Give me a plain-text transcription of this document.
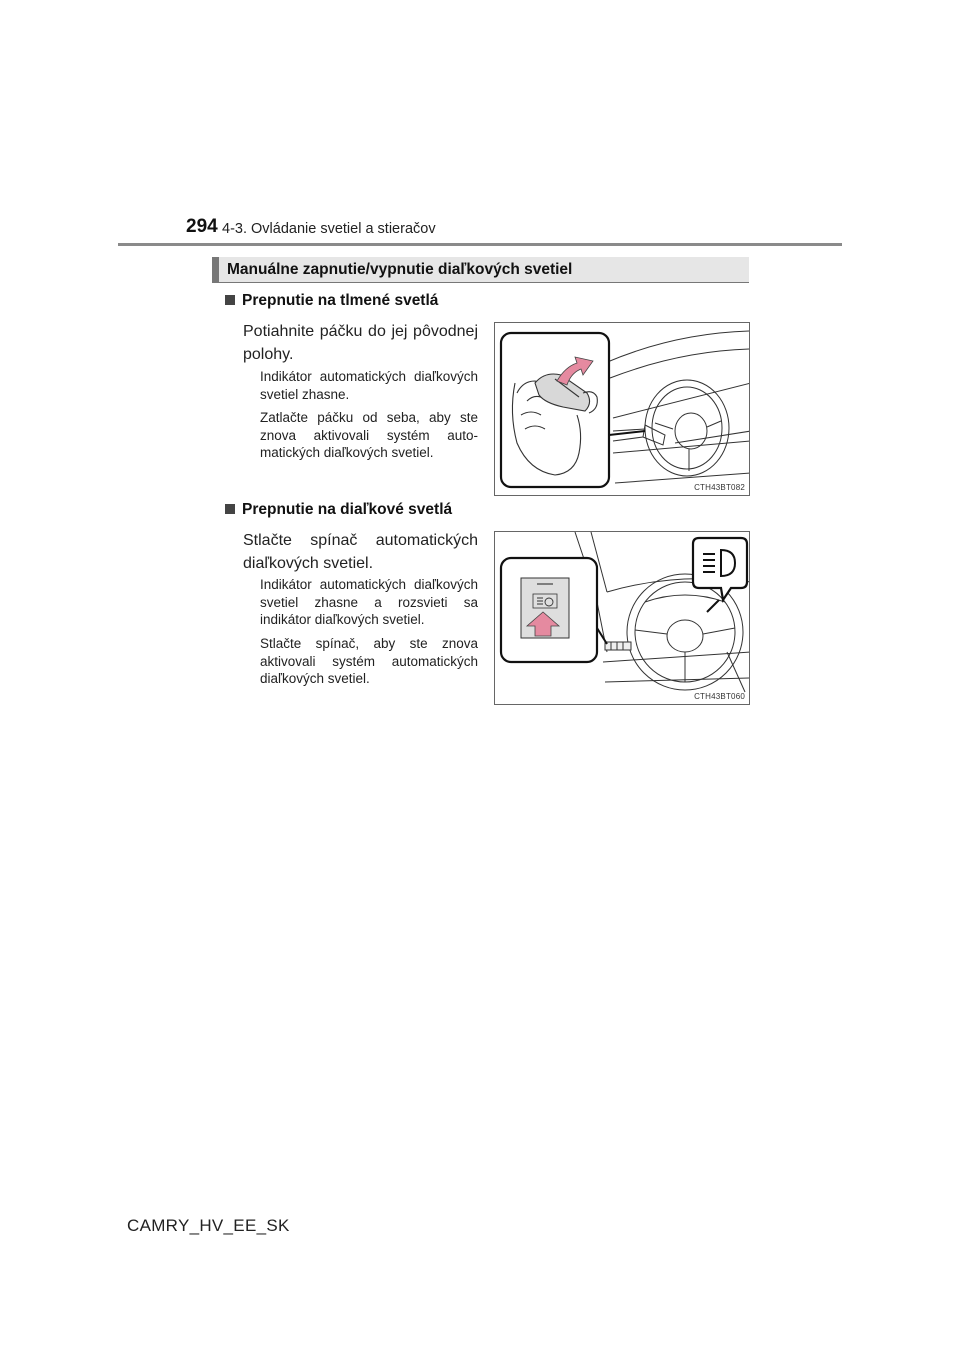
294 4-3. Ovládanie svetiel a stieračov
Manuálne zapnutie/vypnutie diaľkových svetiel
Prepnutie na tlmené svetlá
Potiahnite páčku do jej pôvodnej polohy.
Indikátor automatických diaľkových svetiel zhasne.
Zatlačte páčku od seba, aby ste znova aktivovali systém automatických diaľkových svetiel.
CTH43BT082
Prepnutie na diaľkové svetlá
Stlačte spínač automatických diaľkových svetiel.
Indikátor automatických diaľkových svetiel zhasne a rozsvieti sa indikátor diaľkových svetiel.
Stlačte spínač, aby ste znova aktivovali systém automatických diaľkových svetiel.
CTH43BT060
CAMRY_HV_EE_SK
